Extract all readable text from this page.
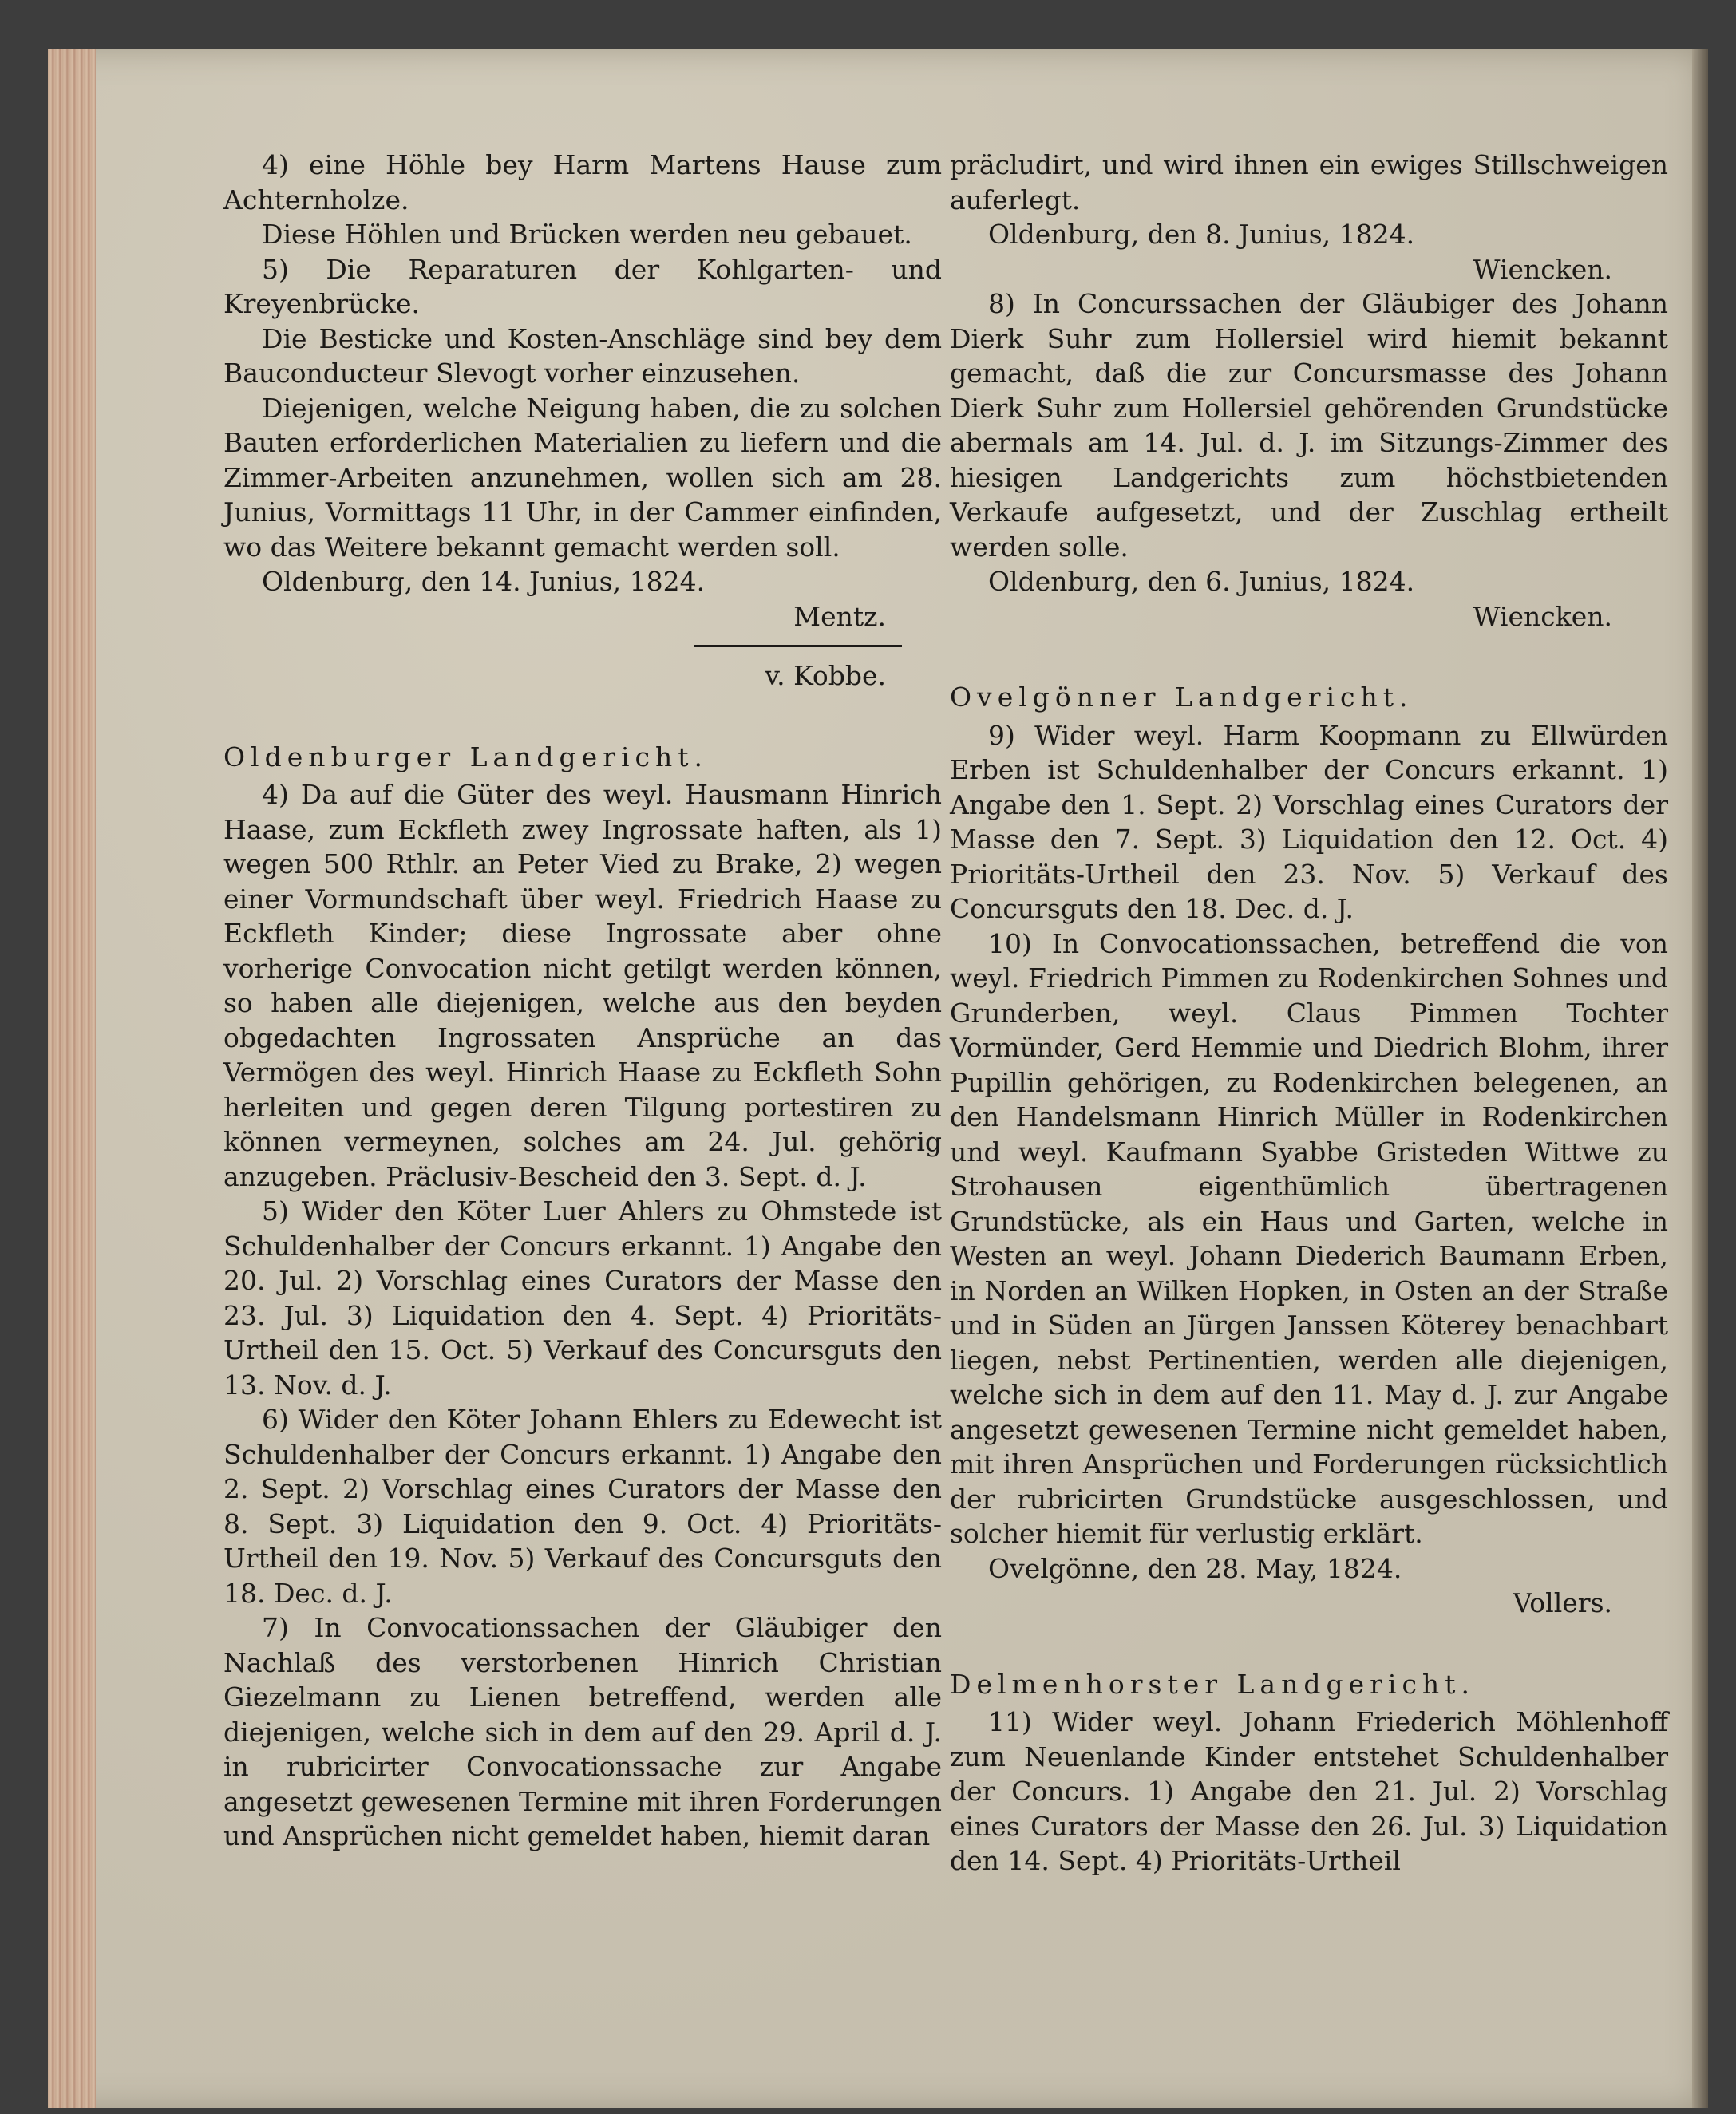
4) eine Höhle bey Harm Martens Hause zum Achternholze.

Diese Höhlen und Brücken werden neu gebauet.

5) Die Reparaturen der Kohlgarten- und Kreyenbrücke.

Die Besticke und Kosten-Anschläge sind bey dem Bauconducteur Slevogt vorher einzusehen.

Diejenigen, welche Neigung haben, die zu solchen Bauten erforderlichen Materialien zu liefern und die Zimmer-Arbeiten anzunehmen, wollen sich am 28. Junius, Vormittags 11 Uhr, in der Cammer einfinden, wo das Weitere bekannt gemacht werden soll.

Oldenburg, den 14. Junius, 1824.

Mentz.

v. Kobbe.

Oldenburger Landgericht.

4) Da auf die Güter des weyl. Hausmann Hinrich Haase, zum Eckfleth zwey Ingrossate haften, als 1) wegen 500 Rthlr. an Peter Vied zu Brake, 2) wegen einer Vormundschaft über weyl. Friedrich Haase zu Eckfleth Kinder; diese Ingrossate aber ohne vorherige Convocation nicht getilgt werden können, so haben alle diejenigen, welche aus den beyden obgedachten Ingrossaten Ansprüche an das Vermögen des weyl. Hinrich Haase zu Eckfleth Sohn herleiten und gegen deren Tilgung portestiren zu können vermeynen, solches am 24. Jul. gehörig anzugeben. Präclusiv-Bescheid den 3. Sept. d. J.

5) Wider den Köter Luer Ahlers zu Ohmstede ist Schuldenhalber der Concurs erkannt. 1) Angabe den 20. Jul. 2) Vorschlag eines Curators der Masse den 23. Jul. 3) Liquidation den 4. Sept. 4) Prioritäts-Urtheil den 15. Oct. 5) Verkauf des Concursguts den 13. Nov. d. J.

6) Wider den Köter Johann Ehlers zu Edewecht ist Schuldenhalber der Concurs erkannt. 1) Angabe den 2. Sept. 2) Vorschlag eines Curators der Masse den 8. Sept. 3) Liquidation den 9. Oct. 4) Prioritäts-Urtheil den 19. Nov. 5) Verkauf des Concursguts den 18. Dec. d. J.

7) In Convocationssachen der Gläubiger den Nachlaß des verstorbenen Hinrich Christian Giezelmann zu Lienen betreffend, werden alle diejenigen, welche sich in dem auf den 29. April d. J. in rubricirter Convocationssache zur Angabe angesetzt gewesenen Termine mit ihren Forderungen und Ansprüchen nicht gemeldet haben, hiemit daran

präcludirt, und wird ihnen ein ewiges Stillschweigen auferlegt.

Oldenburg, den 8. Junius, 1824.

Wiencken.

8) In Concurssachen der Gläubiger des Johann Dierk Suhr zum Hollersiel wird hiemit bekannt gemacht, daß die zur Concursmasse des Johann Dierk Suhr zum Hollersiel gehörenden Grundstücke abermals am 14. Jul. d. J. im Sitzungs-Zimmer des hiesigen Landgerichts zum höchstbietenden Verkaufe aufgesetzt, und der Zuschlag ertheilt werden solle.

Oldenburg, den 6. Junius, 1824.

Wiencken.

Ovelgönner Landgericht.

9) Wider weyl. Harm Koopmann zu Ellwürden Erben ist Schuldenhalber der Concurs erkannt. 1) Angabe den 1. Sept. 2) Vorschlag eines Curators der Masse den 7. Sept. 3) Liquidation den 12. Oct. 4) Prioritäts-Urtheil den 23. Nov. 5) Verkauf des Concursguts den 18. Dec. d. J.

10) In Convocationssachen, betreffend die von weyl. Friedrich Pimmen zu Rodenkirchen Sohnes und Grunderben, weyl. Claus Pimmen Tochter Vormünder, Gerd Hemmie und Diedrich Blohm, ihrer Pupillin gehörigen, zu Rodenkirchen belegenen, an den Handelsmann Hinrich Müller in Rodenkirchen und weyl. Kaufmann Syabbe Gristeden Wittwe zu Strohausen eigenthümlich übertragenen Grundstücke, als ein Haus und Garten, welche in Westen an weyl. Johann Diederich Baumann Erben, in Norden an Wilken Hopken, in Osten an der Straße und in Süden an Jürgen Janssen Köterey benachbart liegen, nebst Pertinentien, werden alle diejenigen, welche sich in dem auf den 11. May d. J. zur Angabe angesetzt gewesenen Termine nicht gemeldet haben, mit ihren Ansprüchen und Forderungen rücksichtlich der rubricirten Grundstücke ausgeschlossen, und solcher hiemit für verlustig erklärt.

Ovelgönne, den 28. May, 1824.

Vollers.

Delmenhorster Landgericht.

11) Wider weyl. Johann Friederich Möhlenhoff zum Neuenlande Kinder entstehet Schuldenhalber der Concurs. 1) Angabe den 21. Jul. 2) Vorschlag eines Curators der Masse den 26. Jul. 3) Liquidation den 14. Sept. 4) Prioritäts-Urtheil
